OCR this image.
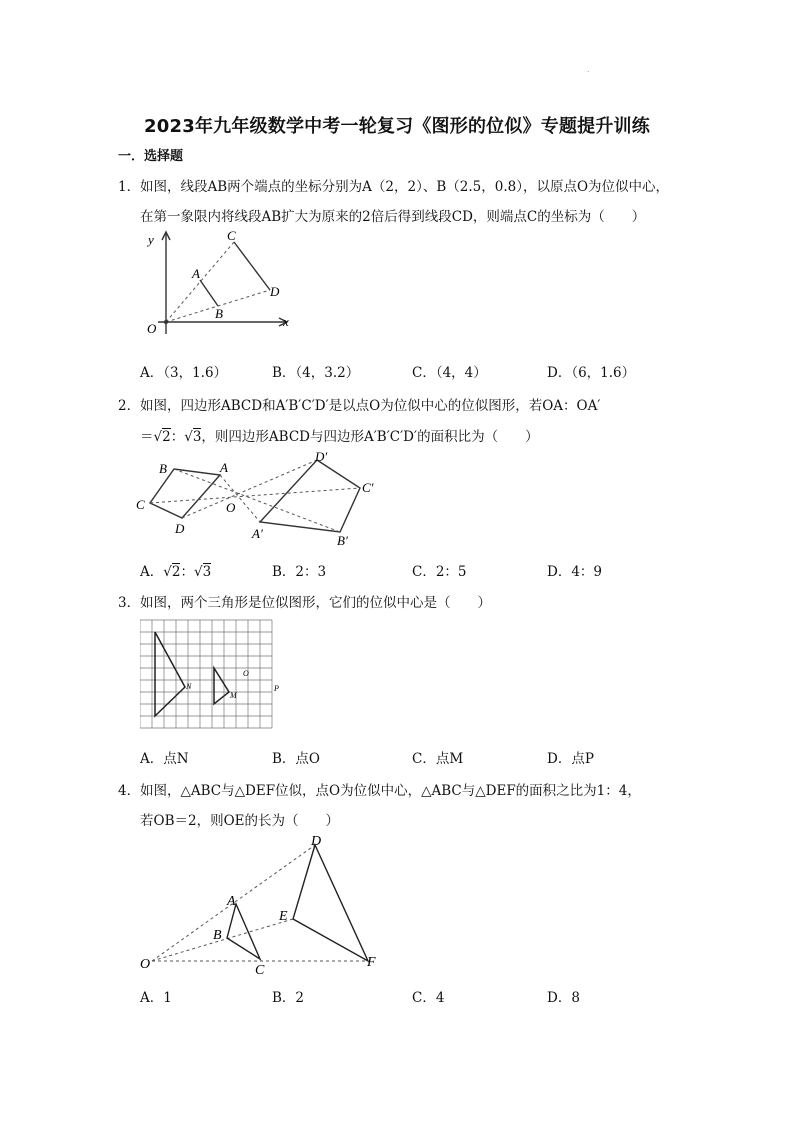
.
2023年九年级数学中考一轮复习《图形的位似》专题提升训练
一．选择题
1． 如图，线段AB两个端点的坐标分别为A（2，2）、B（2.5，0.8），以原点O为位似中心，
在第一象限内将线段AB扩大为原来的2倍后得到线段CD，则端点C的坐标为（　　）
y
x
O
A
B
C
D
A．（3，1.6）	B．（4，3.2）	C．（4，4）	D．（6，1.6）
2． 如图，四边形ABCD和A′B′C′D′是以点O为位似中心的位似图形，若OA：OA′
＝√2：√3，则四边形ABCD与四边形A′B′C′D′的面积比为（　　）
B	A
C
D
O
D′
C′
B′
A′
A．√2：√3	B．2：3	C．2：5	D．4：9
3． 如图，两个三角形是位似图形，它们的位似中心是（　　）
N
O
M
P
A．点N	B．点O	C．点M	D．点P
4． 如图，△ABC与△DEF位似，点O为位似中心，△ABC与△DEF的面积之比为1：4，
若OB＝2，则OE的长为（　　）
O
A
B
C
D
E
F
A．1	B．2	C．4	D．8
